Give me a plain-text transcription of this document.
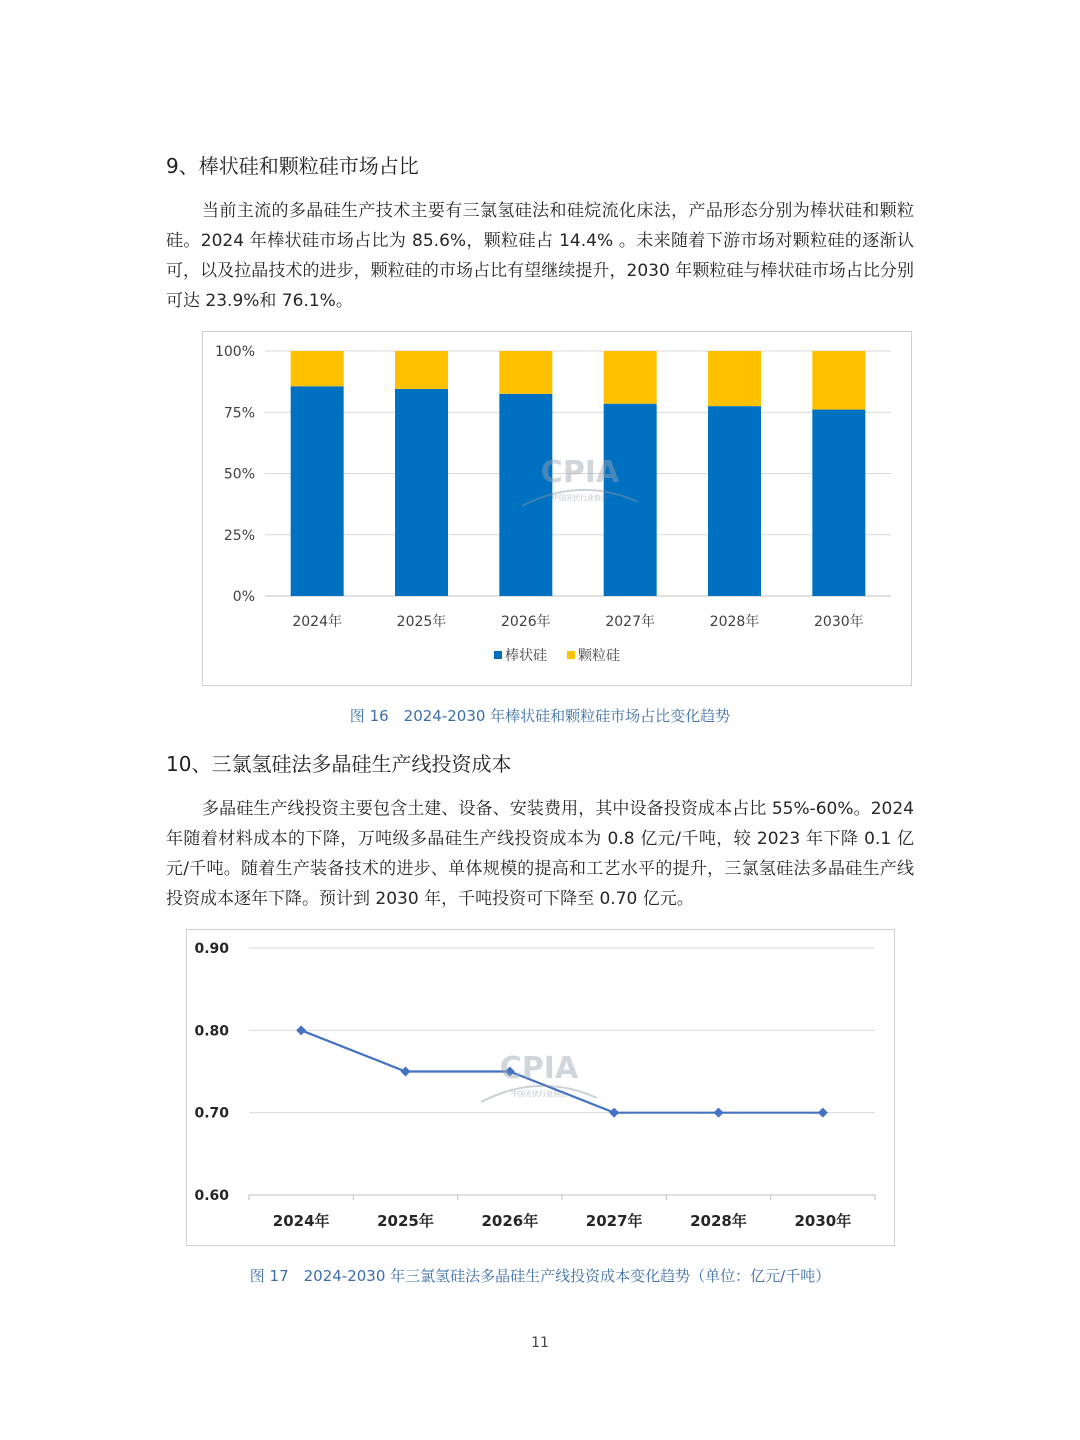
9、棒状硅和颗粒硅市场占比

当前主流的多晶硅生产技术主要有三氯氢硅法和硅烷流化床法，产品形态分别为棒状硅和颗粒硅。2024 年棒状硅市场占比为 85.6%，颗粒硅占 14.4% 。未来随着下游市场对颗粒硅的逐渐认可，以及拉晶技术的进步，颗粒硅的市场占比有望继续提升，2030 年颗粒硅与棒状硅市场占比分别可达 23.9%和 76.1%。

0%
25%
50%
75%
100%
2024年	2025年	2026年	2027年	2028年	2030年
棒状硅 颗粒硅
CPIA
中国光伏行业协会
图 16　2024-2030 年棒状硅和颗粒硅市场占比变化趋势
10、三氯氢硅法多晶硅生产线投资成本

多晶硅生产线投资主要包含土建、设备、安装费用，其中设备投资成本占比 55%-60%。2024 年随着材料成本的下降，万吨级多晶硅生产线投资成本为 0.8 亿元/千吨，较 2023 年下降 0.1 亿元/千吨。随着生产装备技术的进步、单体规模的提高和工艺水平的提升，三氯氢硅法多晶硅生产线投资成本逐年下降。预计到 2030 年，千吨投资可下降至 0.70 亿元。

0.60
0.70
0.80
0.90
2024年	2025年	2026年	2027年	2028年	2030年
CPIA
中国光伏行业协会
图 17　2024-2030 年三氯氢硅法多晶硅生产线投资成本变化趋势（单位：亿元/千吨）
11
